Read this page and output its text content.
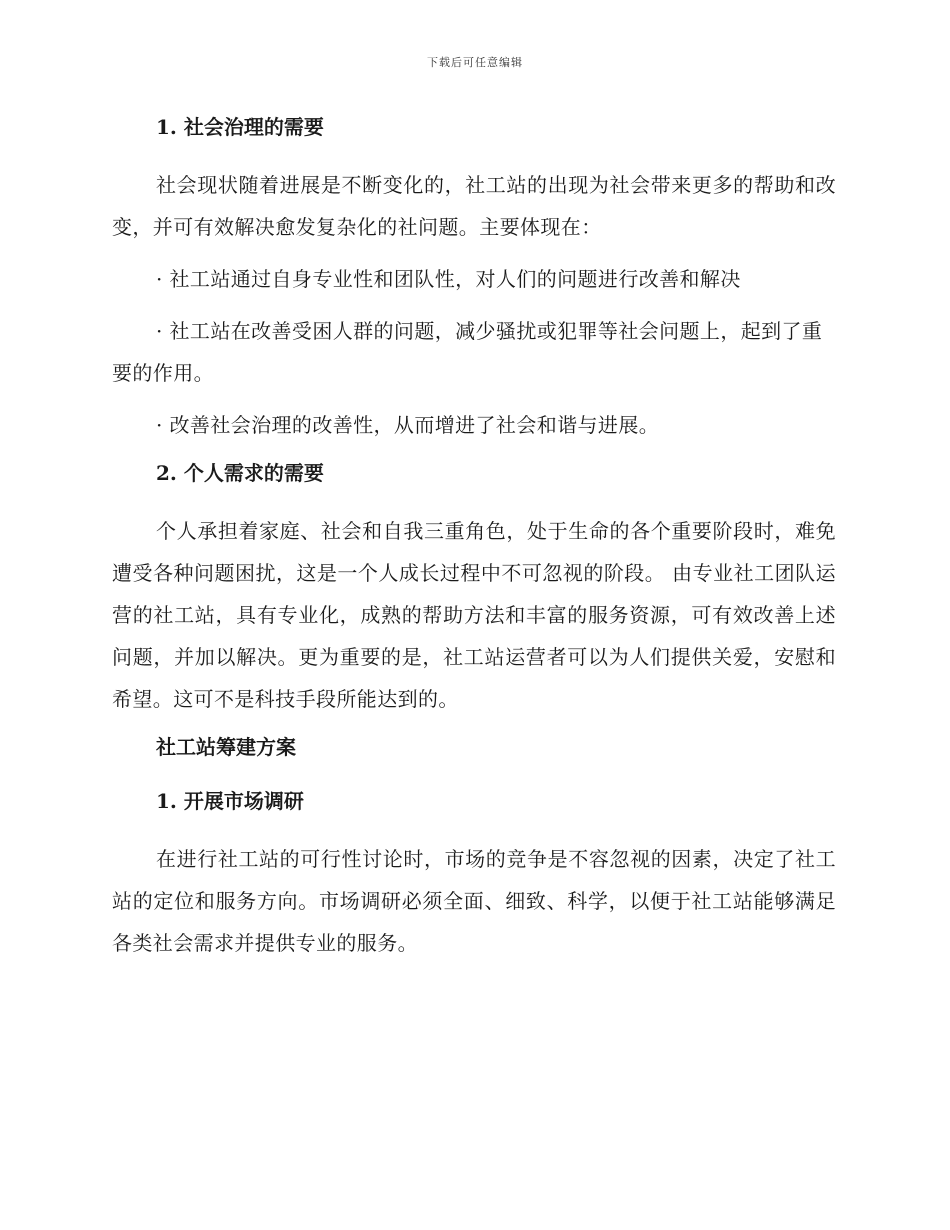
下载后可任意编辑

1. 社会治理的需要

社会现状随着进展是不断变化的，社工站的出现为社会带来更多的帮助和改变，并可有效解决愈发复杂化的社问题。主要体现在：

· 社工站通过自身专业性和团队性，对人们的问题进行改善和解决

· 社工站在改善受困人群的问题，减少骚扰或犯罪等社会问题上，起到了重要的作用。

· 改善社会治理的改善性，从而增进了社会和谐与进展。

2. 个人需求的需要

个人承担着家庭、社会和自我三重角色，处于生命的各个重要阶段时，难免遭受各种问题困扰，这是一个人成长过程中不可忽视的阶段。 由专业社工团队运营的社工站，具有专业化，成熟的帮助方法和丰富的服务资源，可有效改善上述问题，并加以解决。更为重要的是，社工站运营者可以为人们提供关爱，安慰和希望。这可不是科技手段所能达到的。

社工站筹建方案

1. 开展市场调研

在进行社工站的可行性讨论时，市场的竞争是不容忽视的因素，决定了社工站的定位和服务方向。市场调研必须全面、细致、科学，以便于社工站能够满足各类社会需求并提供专业的服务。
